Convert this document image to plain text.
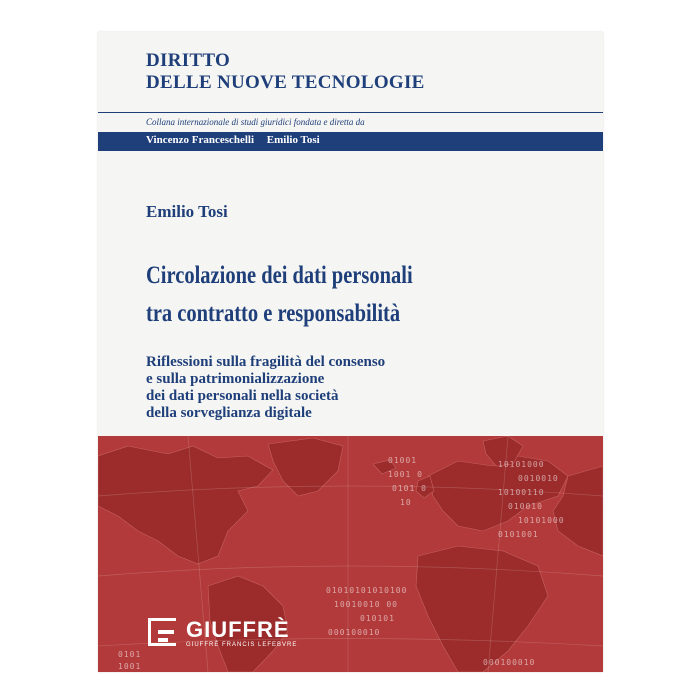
DIRITTO
DELLE NUOVE TECNOLOGIE
Collana internazionale di studi giuridici fondata e diretta da
Vincenzo Franceschelli Emilio Tosi
Emilio Tosi
Circolazione dei dati personali
tra contratto e responsabilità
Riflessioni sulla fragilità del consenso
e sulla patrimonializzazione
dei dati personali nella società
della sorveglianza digitale
01001
1001 0
0101 0
10
10101000
0010010
10100110
010010
10101000
0101001
01010101010100
10010010 00
010101
000100010
0101
1001	000100010
GIUFFRÈ
GIUFFRÈ FRANCIS LEFEBVRE
